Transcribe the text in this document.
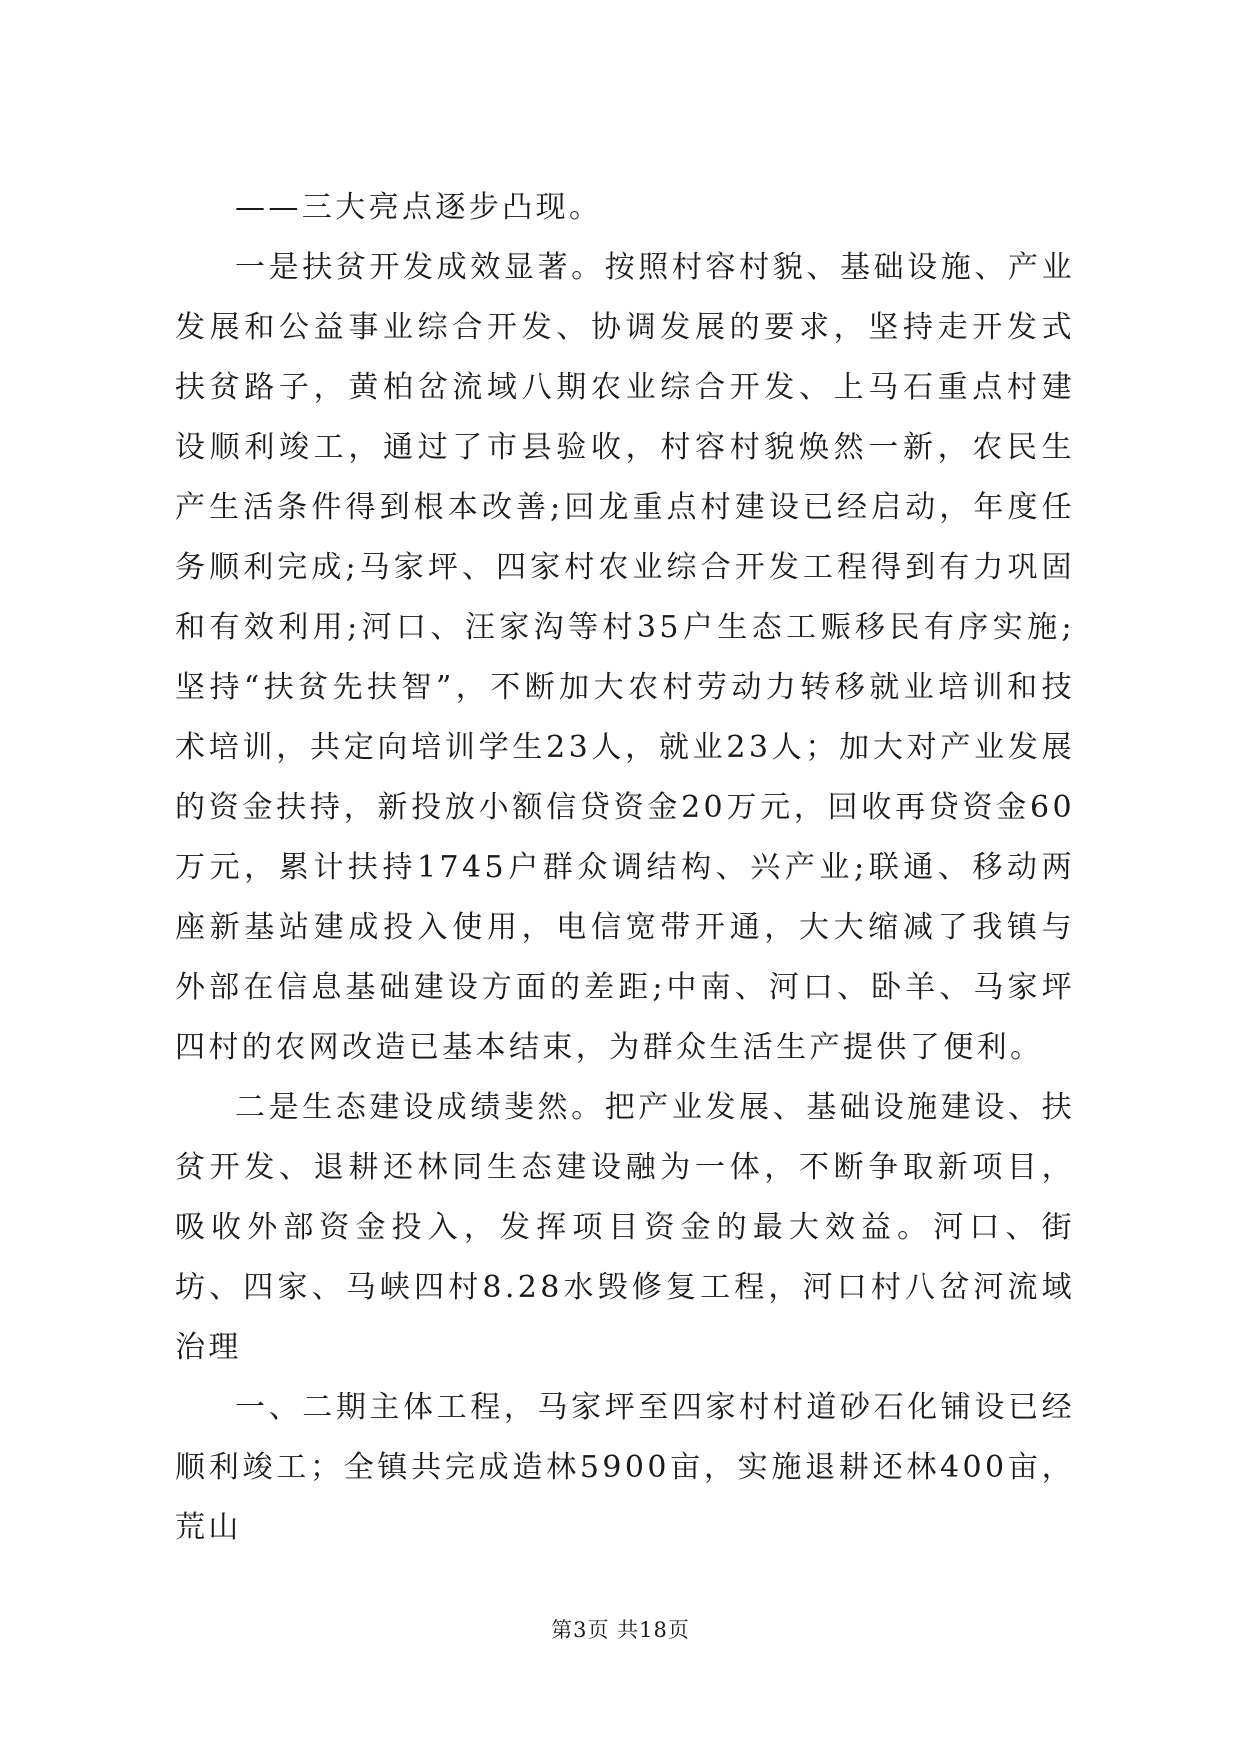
——三大亮点逐步凸现。

一是扶贫开发成效显著。按照村容村貌、基础设施、产业发展和公益事业综合开发、协调发展的要求，坚持走开发式扶贫路子，黄柏岔流域八期农业综合开发、上马石重点村建设顺利竣工，通过了市县验收，村容村貌焕然一新，农民生产生活条件得到根本改善;回龙重点村建设已经启动，年度任务顺利完成;马家坪、四家村农业综合开发工程得到有力巩固和有效利用;河口、汪家沟等村35户生态工赈移民有序实施;坚持“扶贫先扶智”，不断加大农村劳动力转移就业培训和技术培训，共定向培训学生23人，就业23人；加大对产业发展的资金扶持，新投放小额信贷资金20万元，回收再贷资金60万元，累计扶持1745户群众调结构、兴产业;联通、移动两座新基站建成投入使用，电信宽带开通，大大缩减了我镇与外部在信息基础建设方面的差距;中南、河口、卧羊、马家坪四村的农网改造已基本结束，为群众生活生产提供了便利。

二是生态建设成绩斐然。把产业发展、基础设施建设、扶贫开发、退耕还林同生态建设融为一体，不断争取新项目，吸收外部资金投入，发挥项目资金的最大效益。河口、街坊、四家、马峡四村8.28水毁修复工程，河口村八岔河流域治理

一、二期主体工程，马家坪至四家村村道砂石化铺设已经顺利竣工；全镇共完成造林5900亩，实施退耕还林400亩，荒山

第3页 共18页
